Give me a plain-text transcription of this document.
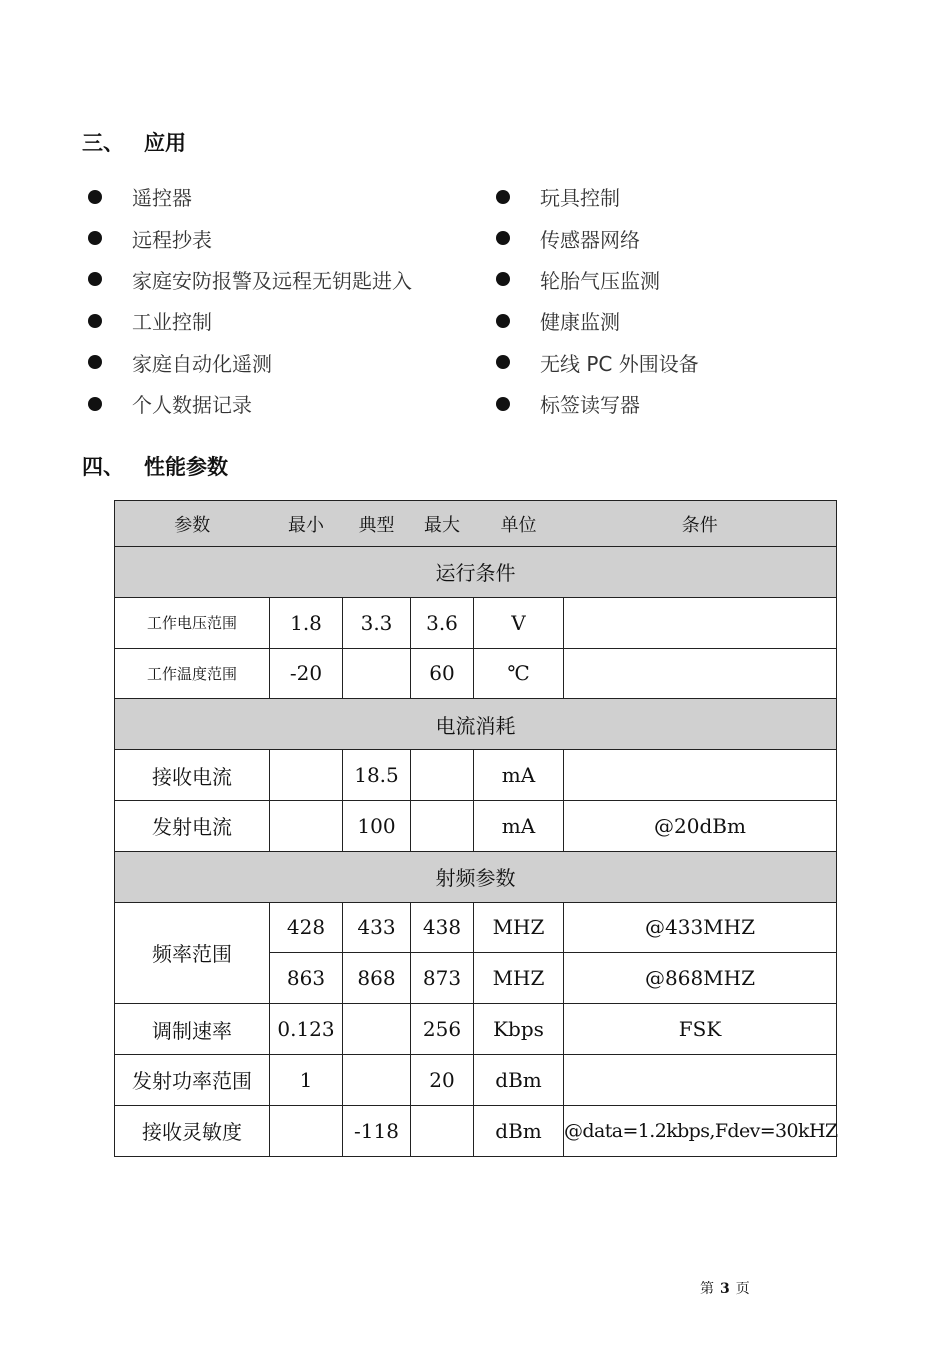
三、 应用
遥控器
远程抄表
家庭安防报警及远程无钥匙进入
工业控制
家庭自动化遥测
个人数据记录
玩具控制
传感器网络
轮胎气压监测
健康监测
无线 PC 外围设备
标签读写器
四、 性能参数
参数	最小	典型	最大	单位	条件
运行条件					
工作电压范围	1.8	3.3	3.6	V	
工作温度范围	-20		60	℃	
电流消耗					
接收电流		18.5		mA	
发射电流		100		mA	@20dBm
射频参数					
频率范围	428	433	438	MHZ	@433MHZ
	863	868	873	MHZ	@868MHZ
调制速率	0.123		256	Kbps	FSK
发射功率范围	1		20	dBm	
接收灵敏度		-118		dBm	@data=1.2kbps,Fdev=30kHZ
第 3 页
